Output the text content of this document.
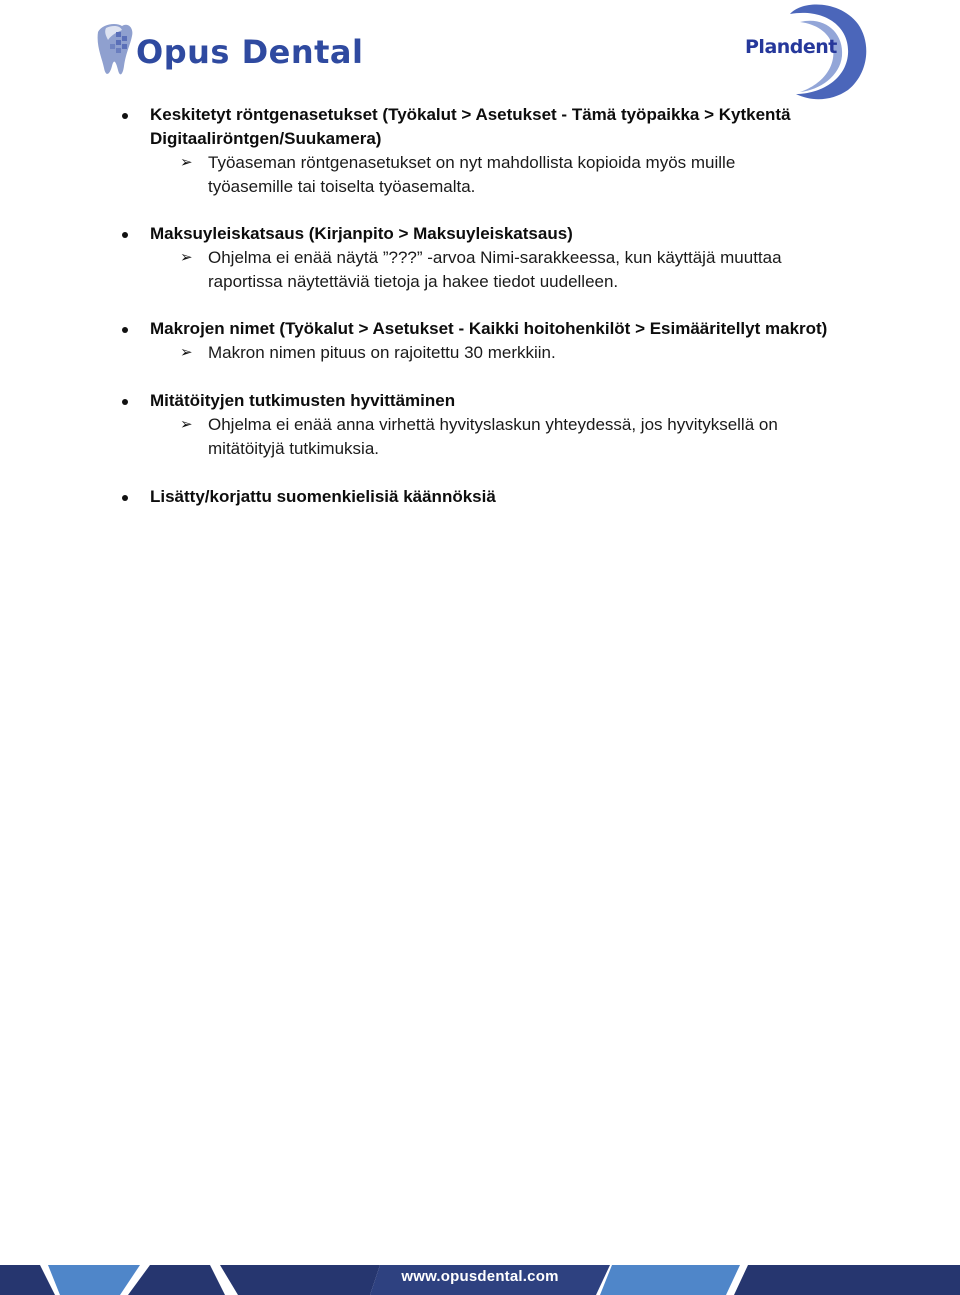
Opus Dental	Plandent
Keskitetyt röntgenasetukset (Työkalut > Asetukset - Tämä työpaikka > Kytkentä
Digitaaliröntgen/Suukamera)
➢ Työaseman röntgenasetukset on nyt mahdollista kopioida myös muille
työasemille tai toiselta työasemalta.
Maksuyleiskatsaus (Kirjanpito > Maksuyleiskatsaus)
➢ Ohjelma ei enää näytä ”???” -arvoa Nimi-sarakkeessa, kun käyttäjä muuttaa
raportissa näytettäviä tietoja ja hakee tiedot uudelleen.
Makrojen nimet (Työkalut > Asetukset - Kaikki hoitohenkilöt > Esimääritellyt makrot)
➢ Makron nimen pituus on rajoitettu 30 merkkiin.
Mitätöityjen tutkimusten hyvittäminen
➢ Ohjelma ei enää anna virhettä hyvityslaskun yhteydessä, jos hyvityksellä on
mitätöityjä tutkimuksia.
Lisätty/korjattu suomenkielisiä käännöksiä
www.opusdental.com
